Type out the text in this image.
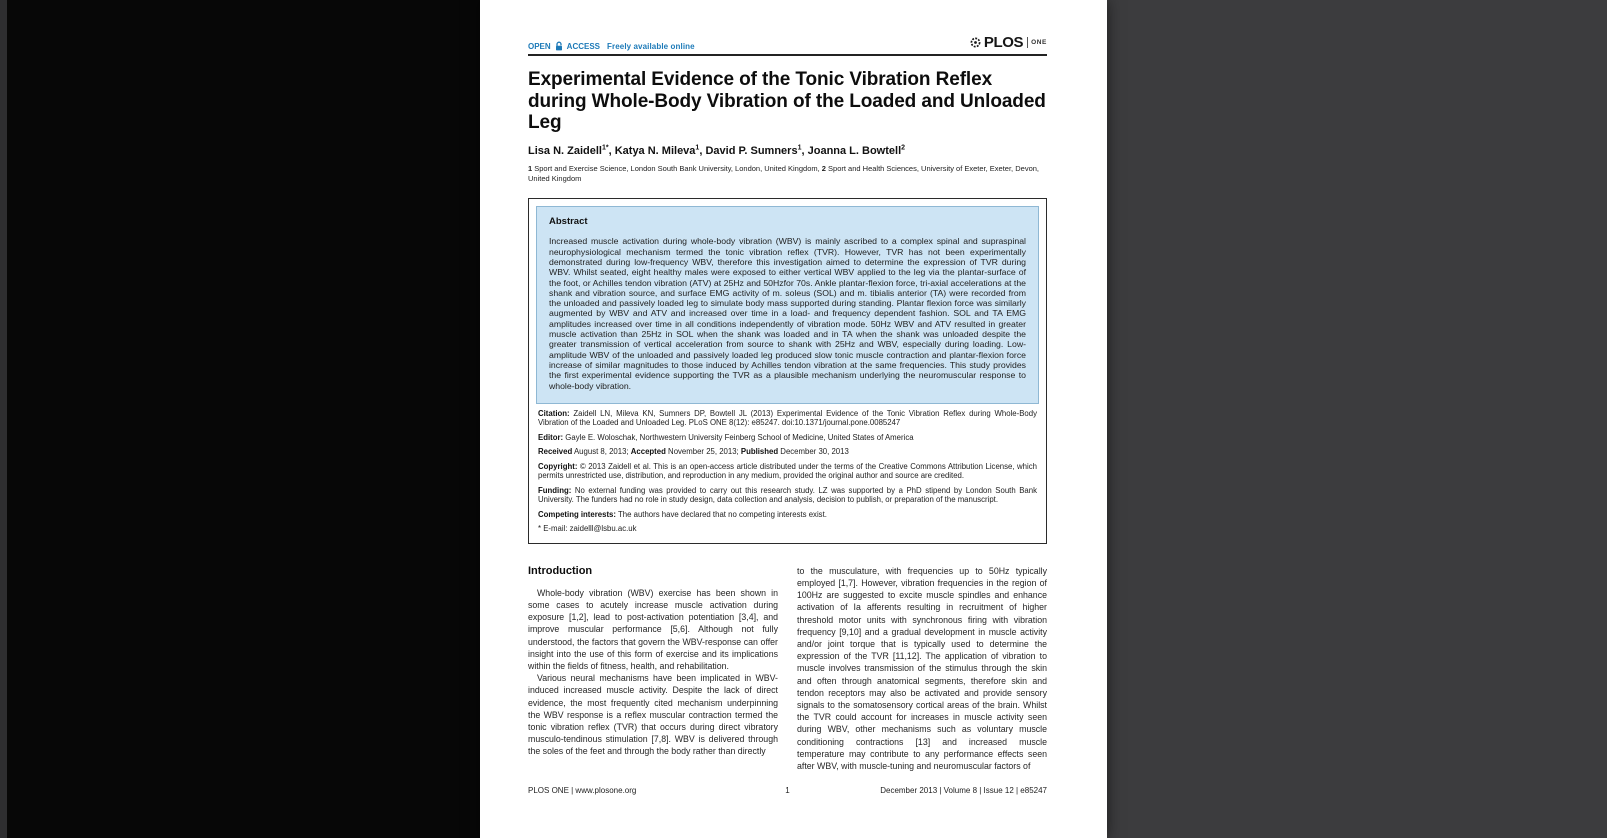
OPEN ACCESS Freely available online	PLOS ONE
Experimental Evidence of the Tonic Vibration Reflex during Whole-Body Vibration of the Loaded and Unloaded Leg
Lisa N. Zaidell$^{1*}$, Katya N. Mileva$^1$, David P. Sumners$^1$, Joanna L. Bowtell$^2$
1 Sport and Exercise Science, London South Bank University, London, United Kingdom, 2 Sport and Health Sciences, University of Exeter, Exeter, Devon, United Kingdom
Abstract
Increased muscle activation during whole-body vibration (WBV) is mainly ascribed to a complex spinal and supraspinal neurophysiological mechanism termed the tonic vibration reflex (TVR). However, TVR has not been experimentally demonstrated during low-frequency WBV, therefore this investigation aimed to determine the expression of TVR during WBV. Whilst seated, eight healthy males were exposed to either vertical WBV applied to the leg via the plantar-surface of the foot, or Achilles tendon vibration (ATV) at 25Hz and 50Hzfor 70s. Ankle plantar-flexion force, tri-axial accelerations at the shank and vibration source, and surface EMG activity of m. soleus (SOL) and m. tibialis anterior (TA) were recorded from the unloaded and passively loaded leg to simulate body mass supported during standing. Plantar flexion force was similarly augmented by WBV and ATV and increased over time in a load- and frequency dependent fashion. SOL and TA EMG amplitudes increased over time in all conditions independently of vibration mode. 50Hz WBV and ATV resulted in greater muscle activation than 25Hz in SOL when the shank was loaded and in TA when the shank was unloaded despite the greater transmission of vertical acceleration from source to shank with 25Hz and WBV, especially during loading. Low-amplitude WBV of the unloaded and passively loaded leg produced slow tonic muscle contraction and plantar-flexion force increase of similar magnitudes to those induced by Achilles tendon vibration at the same frequencies. This study provides the first experimental evidence supporting the TVR as a plausible mechanism underlying the neuromuscular response to whole-body vibration.

Citation: Zaidell LN, Mileva KN, Sumners DP, Bowtell JL (2013) Experimental Evidence of the Tonic Vibration Reflex during Whole-Body Vibration of the Loaded and Unloaded Leg. PLoS ONE 8(12): e85247. doi:10.1371/journal.pone.0085247

Editor: Gayle E. Woloschak, Northwestern University Feinberg School of Medicine, United States of America

Received August 8, 2013; Accepted November 25, 2013; Published December 30, 2013

Copyright: © 2013 Zaidell et al. This is an open-access article distributed under the terms of the Creative Commons Attribution License, which permits unrestricted use, distribution, and reproduction in any medium, provided the original author and source are credited.

Funding: No external funding was provided to carry out this research study. LZ was supported by a PhD stipend by London South Bank University. The funders had no role in study design, data collection and analysis, decision to publish, or preparation of the manuscript.

Competing interests: The authors have declared that no competing interests exist.

* E-mail: zaidelll@lsbu.ac.uk

Introduction

Whole-body vibration (WBV) exercise has been shown in some cases to acutely increase muscle activation during exposure [1,2], lead to post-activation potentiation [3,4], and improve muscular performance [5,6]. Although not fully understood, the factors that govern the WBV-response can offer insight into the use of this form of exercise and its implications within the fields of fitness, health, and rehabilitation.

Various neural mechanisms have been implicated in WBV-induced increased muscle activity. Despite the lack of direct evidence, the most frequently cited mechanism underpinning the WBV response is a reflex muscular contraction termed the tonic vibration reflex (TVR) that occurs during direct vibratory musculo-tendinous stimulation [7,8]. WBV is delivered through the soles of the feet and through the body rather than directly

to the musculature, with frequencies up to 50Hz typically employed [1,7]. However, vibration frequencies in the region of 100Hz are suggested to excite muscle spindles and enhance activation of Ia afferents resulting in recruitment of higher threshold motor units with synchronous firing with vibration frequency [9,10] and a gradual development in muscle activity and/or joint torque that is typically used to determine the expression of the TVR [11,12]. The application of vibration to muscle involves transmission of the stimulus through the skin and often through anatomical segments, therefore skin and tendon receptors may also be activated and provide sensory signals to the somatosensory cortical areas of the brain. Whilst the TVR could account for increases in muscle activity seen during WBV, other mechanisms such as voluntary muscle conditioning contractions [13] and increased muscle temperature may contribute to any performance effects seen after WBV, with muscle-tuning and neuromuscular factors of

PLOS ONE | www.plosone.org	1	December 2013 | Volume 8 | Issue 12 | e85247
